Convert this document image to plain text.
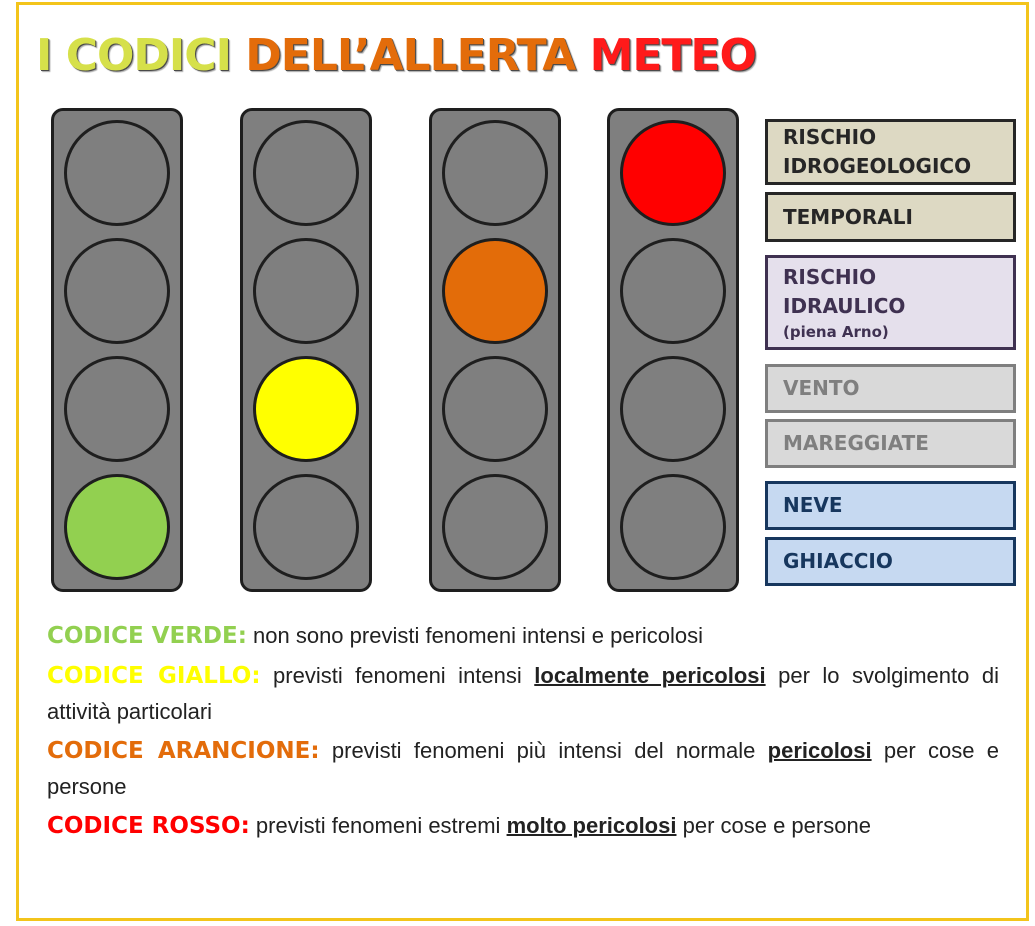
I CODICI DELL’ALLERTA METEO
RISCHIO
IDROGEOLOGICO
TEMPORALI
RISCHIO IDRAULICO
(piena Arno)
VENTO
MAREGGIATE
NEVE
GHIACCIO

CODICE VERDE: non sono previsti fenomeni intensi e pericolosi

CODICE GIALLO: previsti fenomeni intensi localmente pericolosi per lo svolgimento di attività particolari

CODICE ARANCIONE: previsti fenomeni più intensi del normale pericolosi per cose e persone

CODICE ROSSO: previsti fenomeni estremi molto pericolosi per cose e persone
